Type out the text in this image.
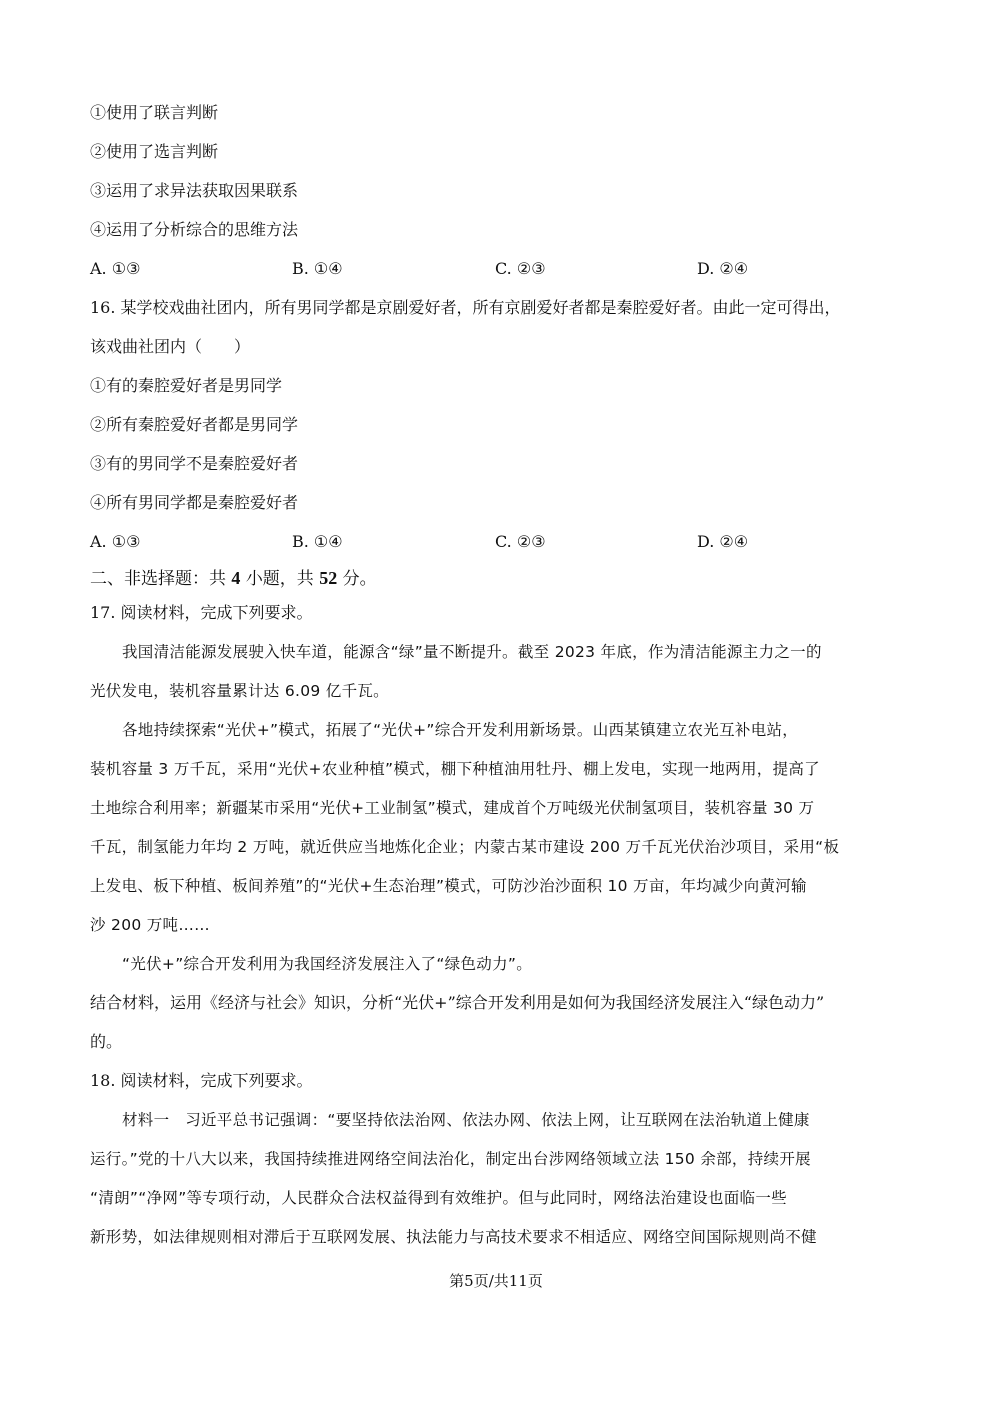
①使用了联言判断

②使用了选言判断

③运用了求异法获取因果联系

④运用了分析综合的思维方法

A. ①③	B. ①④	C. ②③	D. ②④

16. 某学校戏曲社团内，所有男同学都是京剧爱好者，所有京剧爱好者都是秦腔爱好者。由此一定可得出，

该戏曲社团内（　　）

①有的秦腔爱好者是男同学

②所有秦腔爱好者都是男同学

③有的男同学不是秦腔爱好者

④所有男同学都是秦腔爱好者

A. ①③	B. ①④	C. ②③	D. ②④

二、非选择题：共 4 小题，共 52 分。

17. 阅读材料，完成下列要求。

我国清洁能源发展驶入快车道，能源含“绿”量不断提升。截至 2023 年底，作为清洁能源主力之一的

光伏发电，装机容量累计达 6.09 亿千瓦。

各地持续探索“光伏+”模式，拓展了“光伏+”综合开发利用新场景。山西某镇建立农光互补电站，

装机容量 3 万千瓦，采用“光伏+农业种植”模式，棚下种植油用牡丹、棚上发电，实现一地两用，提高了

土地综合利用率；新疆某市采用“光伏+工业制氢”模式，建成首个万吨级光伏制氢项目，装机容量 30 万

千瓦，制氢能力年均 2 万吨，就近供应当地炼化企业；内蒙古某市建设 200 万千瓦光伏治沙项目，采用“板

上发电、板下种植、板间养殖”的“光伏+生态治理”模式，可防沙治沙面积 10 万亩，年均减少向黄河输

沙 200 万吨……

“光伏+”综合开发利用为我国经济发展注入了“绿色动力”。

结合材料，运用《经济与社会》知识，分析“光伏+”综合开发利用是如何为我国经济发展注入“绿色动力”

的。

18. 阅读材料，完成下列要求。

材料一　习近平总书记强调：“要坚持依法治网、依法办网、依法上网，让互联网在法治轨道上健康

运行。”党的十八大以来，我国持续推进网络空间法治化，制定出台涉网络领域立法 150 余部，持续开展

“清朗”“净网”等专项行动，人民群众合法权益得到有效维护。但与此同时，网络法治建设也面临一些

新形势，如法律规则相对滞后于互联网发展、执法能力与高技术要求不相适应、网络空间国际规则尚不健

第5页/共11页
